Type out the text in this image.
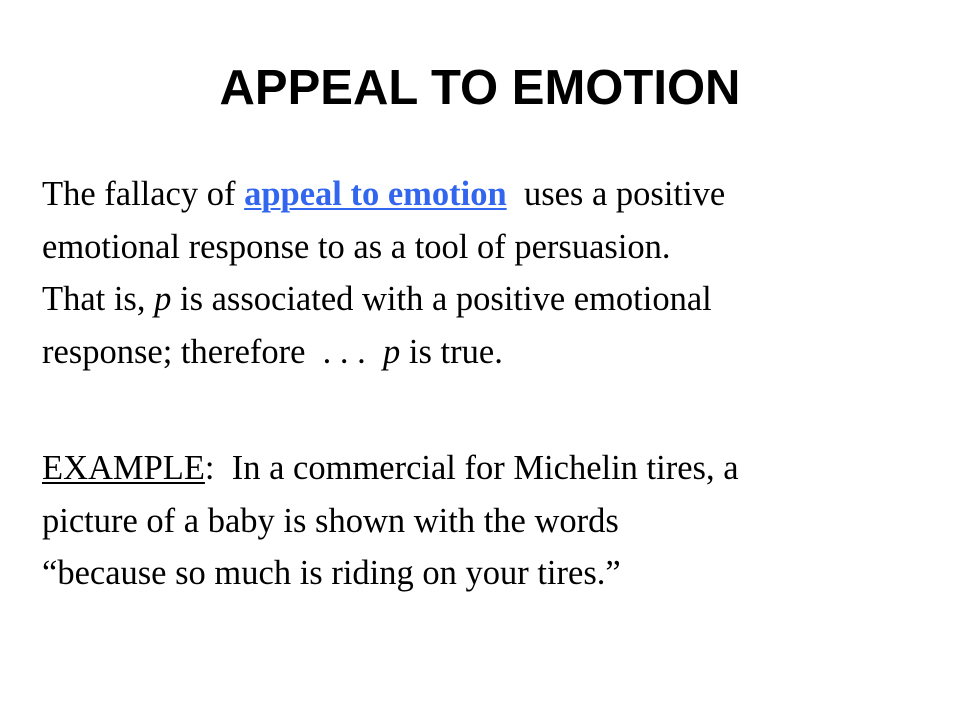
APPEAL TO EMOTION
The fallacy of appeal to emotion  uses a positive
emotional response to as a tool of persuasion.
That is, p is associated with a positive emotional
response; therefore  . . .  p is true.
EXAMPLE:  In a commercial for Michelin tires, a
picture of a baby is shown with the words
“because so much is riding on your tires.”
